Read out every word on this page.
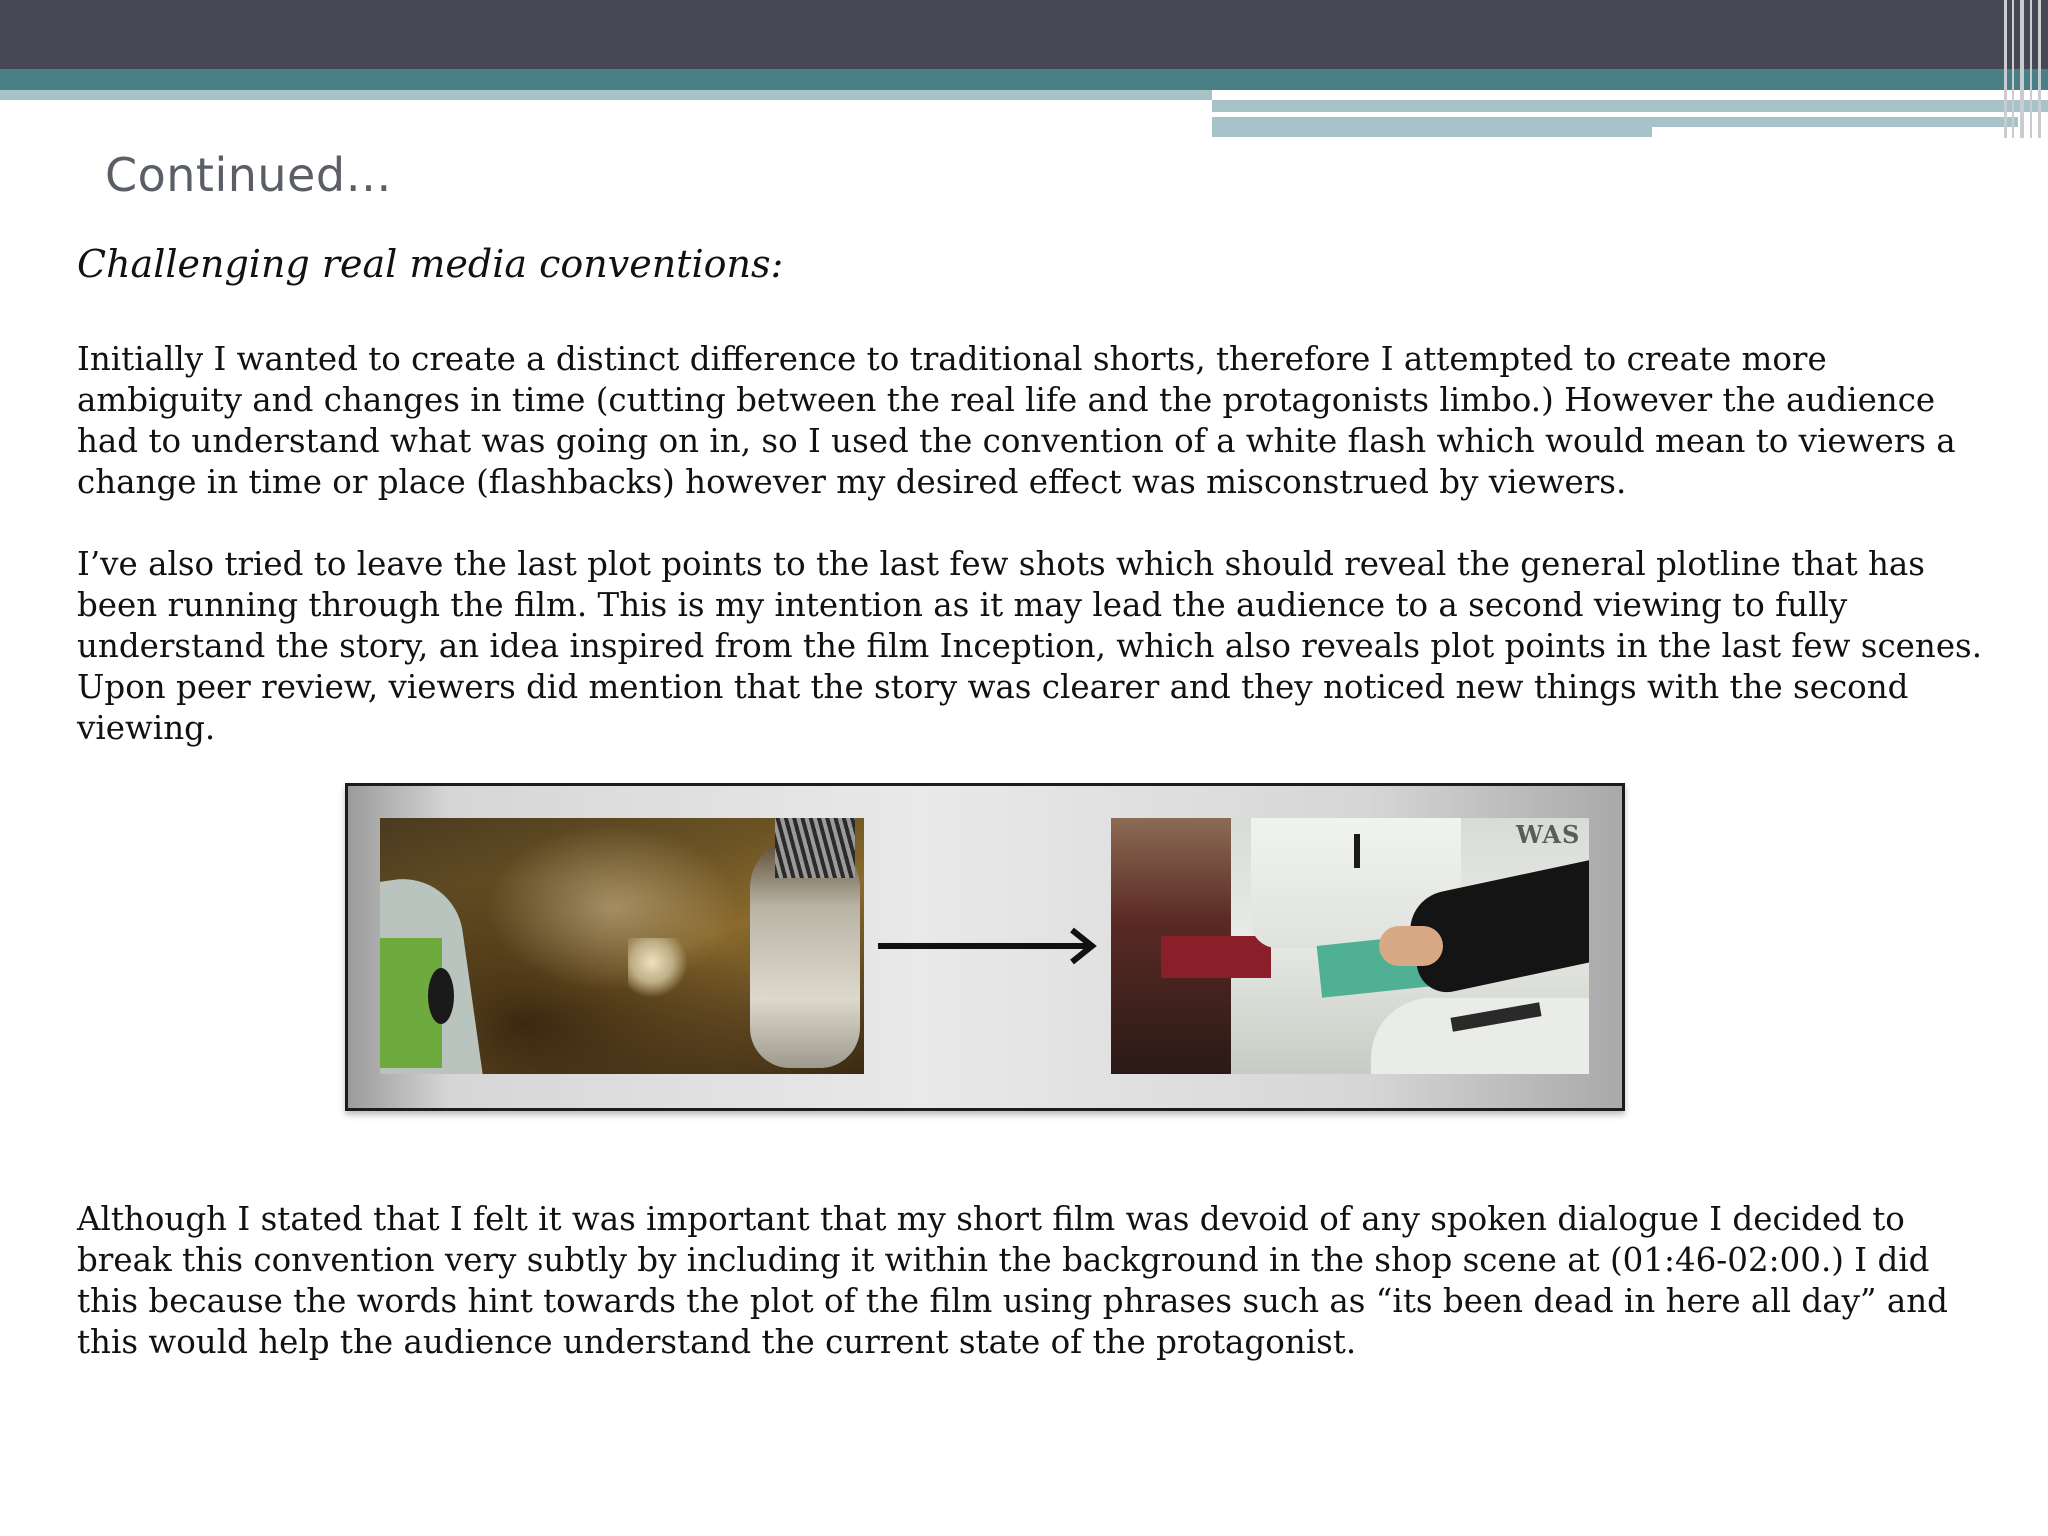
Continued…
Challenging real media conventions:

Initially I wanted to create a distinct difference to traditional shorts, therefore I attempted to create more ambiguity and changes in time (cutting between the real life and the protagonists limbo.) However the audience had to understand what was going on in, so I used the convention of a white flash which would mean to viewers a change in time or place (flashbacks) however my desired effect was misconstrued by viewers.

I’ve also tried to leave the last plot points to the last few shots which should reveal the general plotline that has been running through the film. This is my intention as it may lead the audience to a second viewing to fully understand the story, an idea inspired from the film Inception, which also reveals plot points in the last few scenes. Upon peer review, viewers did mention that the story was clearer and they noticed new things with the second viewing.

WAS

Although I stated that I felt it was important that my short film was devoid of any spoken dialogue I decided to break this convention very subtly by including it within the background in the shop scene at (01:46-02:00.) I did this because the words hint towards the plot of the film using phrases such as “its been dead in here all day” and this would help the audience understand the current state of the protagonist.
